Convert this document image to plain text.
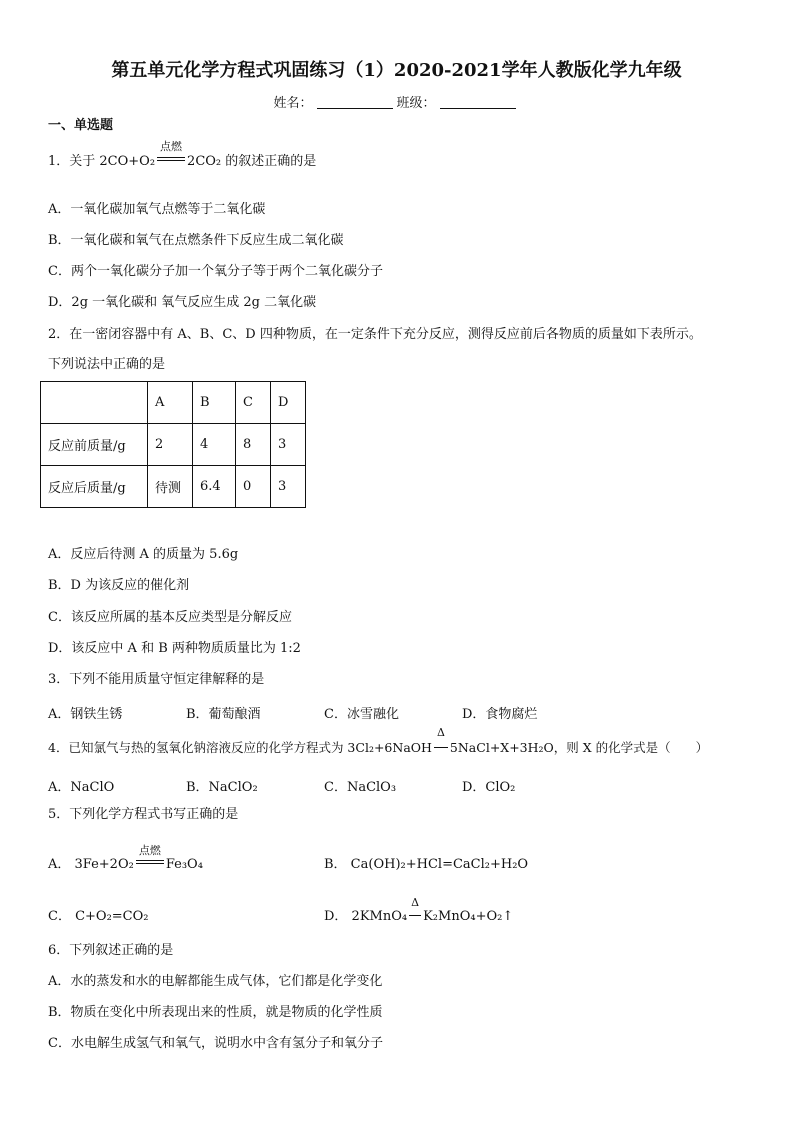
第五单元化学方程式巩固练习（1）2020-2021学年人教版化学九年级
姓名：	班级：
一、单选题
1．关于 2CO+O₂
点燃
2CO₂ 的叙述正确的是
A．一氧化碳加氧气点燃等于二氧化碳
B．一氧化碳和氧气在点燃条件下反应生成二氧化碳
C．两个一氧化碳分子加一个氧分子等于两个二氧化碳分子
D．2g 一氧化碳和 氧气反应生成 2g 二氧化碳
2．在一密闭容器中有 A、B、C、D 四种物质，在一定条件下充分反应，测得反应前后各物质的质量如下表所示。
下列说法中正确的是
	A	B	C	D
反应前质量/g	2	4	8	3
反应后质量/g	待测	6.4	0	3
A．反应后待测 A 的质量为 5.6g
B．D 为该反应的催化剂
C．该反应所属的基本反应类型是分解反应
D．该反应中 A 和 B 两种物质质量比为 1:2
3．下列不能用质量守恒定律解释的是
A．钢铁生锈	B．葡萄酿酒	C．冰雪融化	D．食物腐烂
4．已知氯气与热的氢氧化钠溶液反应的化学方程式为 3Cl₂+6NaOH
Δ
5NaCl+X+3H₂O，则 X 的化学式是（　　）
A．NaClO	B．NaClO₂	C．NaClO₃	D．ClO₂
5．下列化学方程式书写正确的是
A． 3Fe+2O₂
点燃
Fe₃O₄	B． Ca(OH)₂+HCl=CaCl₂+H₂O
C． C+O₂=CO₂	D． 2KMnO₄
Δ
K₂MnO₄+O₂↑
6．下列叙述正确的是
A．水的蒸发和水的电解都能生成气体，它们都是化学变化
B．物质在变化中所表现出来的性质，就是物质的化学性质
C．水电解生成氢气和氧气，说明水中含有氢分子和氧分子
